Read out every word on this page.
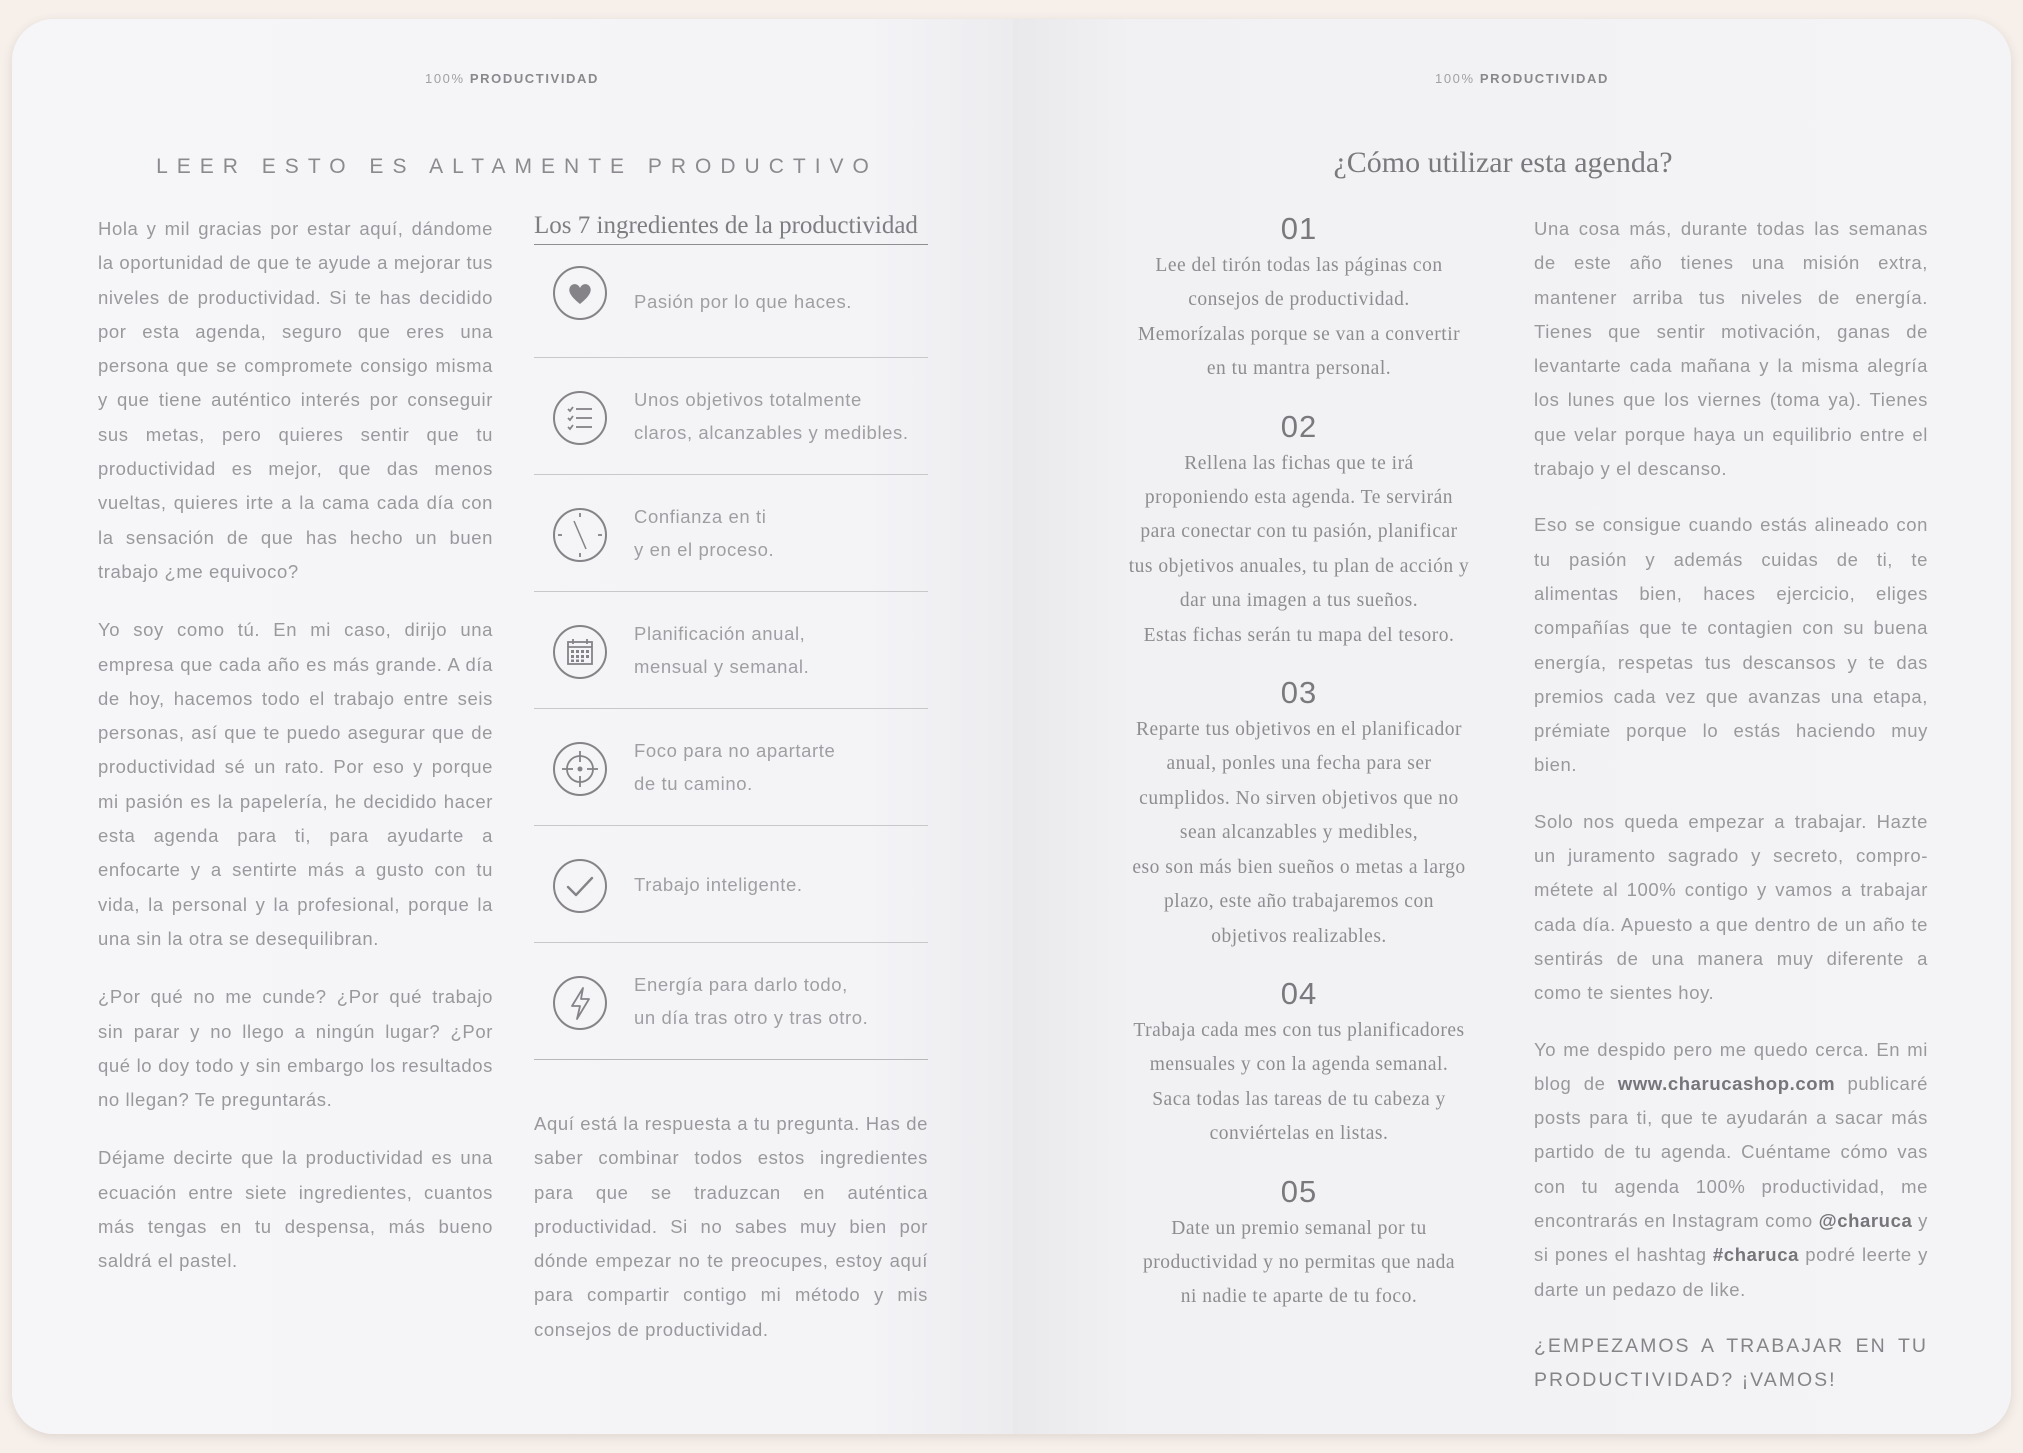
100% PRODUCTIVIDAD
LEER ESTO ES ALTAMENTE PRODUCTIVO

Hola y mil gracias por estar aquí, dándome la oportunidad de que te ayude a mejorar tus niveles de productividad. Si te has decidido por esta agenda, seguro que eres una persona que se compromete consigo misma y que tiene auténtico interés por conseguir sus metas, pero quieres sentir que tu productividad es mejor, que das menos vueltas, quieres irte a la cama cada día con la sensación de que has hecho un buen trabajo ¿me equivoco?

Yo soy como tú. En mi caso, dirijo una empresa que cada año es más grande. A día de hoy, hacemos todo el trabajo entre seis personas, así que te puedo asegurar que de productividad sé un rato. Por eso y porque mi pasión es la papelería, he decidido hacer esta agenda para ti, para ayudarte a enfocarte y a sentirte más a gusto con tu vida, la personal y la profesional, porque la una sin la otra se desequilibran.

¿Por qué no me cunde? ¿Por qué trabajo sin parar y no llego a ningún lugar? ¿Por qué lo doy todo y sin embargo los resultados no llegan? Te preguntarás.

Déjame decirte que la productividad es una ecuación entre siete ingredientes, cuantos más tengas en tu despensa, más bueno saldrá el pastel.

Los 7 ingredientes de la productividad
Pasión por lo que haces.
Unos objetivos totalmente
claros, alcanzables y medibles.
Confianza en ti
y en el proceso.
Planificación anual,
mensual y semanal.
Foco para no apartarte
de tu camino.
Trabajo inteligente.
Energía para darlo todo,
un día tras otro y tras otro.

Aquí está la respuesta a tu pregunta. Has de saber combinar todos estos ingredientes para que se traduzcan en auténtica productividad. Si no sabes muy bien por dónde empezar no te preocupes, estoy aquí para compartir contigo mi método y mis consejos de productividad.

100% PRODUCTIVIDAD
¿Cómo utilizar esta agenda?
01
Lee del tirón todas las páginas con
consejos de productividad.
Memorízalas porque se van a convertir
en tu mantra personal.
02
Rellena las fichas que te irá
proponiendo esta agenda. Te servirán
para conectar con tu pasión, planificar
tus objetivos anuales, tu plan de acción y
dar una imagen a tus sueños.
Estas fichas serán tu mapa del tesoro.
03
Reparte tus objetivos en el planificador
anual, ponles una fecha para ser
cumplidos. No sirven objetivos que no
sean alcanzables y medibles,
eso son más bien sueños o metas a largo
plazo, este año trabajaremos con
objetivos realizables.
04
Trabaja cada mes con tus planificadores
mensuales y con la agenda semanal.
Saca todas las tareas de tu cabeza y
conviértelas en listas.
05
Date un premio semanal por tu
productividad y no permitas que nada
ni nadie te aparte de tu foco.

Una cosa más, durante todas las semanas de este año tienes una misión extra, mantener arriba tus niveles de energía. Tienes que sentir motivación, ganas de levantarte cada mañana y la misma alegría los lunes que los viernes (toma ya). Tienes que velar porque haya un equilibrio entre el trabajo y el descanso.

Eso se consigue cuando estás alineado con tu pasión y además cuidas de ti, te alimentas bien, haces ejercicio, eliges compañías que te contagien con su buena energía, respetas tus descansos y te das premios cada vez que avanzas una etapa, prémiate porque lo estás haciendo muy bien.

Solo nos queda empezar a trabajar. Hazte un juramento sagrado y secreto, compro-métete al 100% contigo y vamos a trabajar cada día. Apuesto a que dentro de un año te sentirás de una manera muy diferente a como te sientes hoy.

Yo me despido pero me quedo cerca. En mi blog de www.charucashop.com publicaré posts para ti, que te ayudarán a sacar más partido de tu agenda. Cuéntame cómo vas con tu agenda 100% productividad, me encontrarás en Instagram como @charuca y si pones el hashtag #charuca podré leerte y darte un pedazo de like.

¿EMPEZAMOS A TRABAJAR EN TU PRODUCTIVIDAD? ¡VAMOS!
